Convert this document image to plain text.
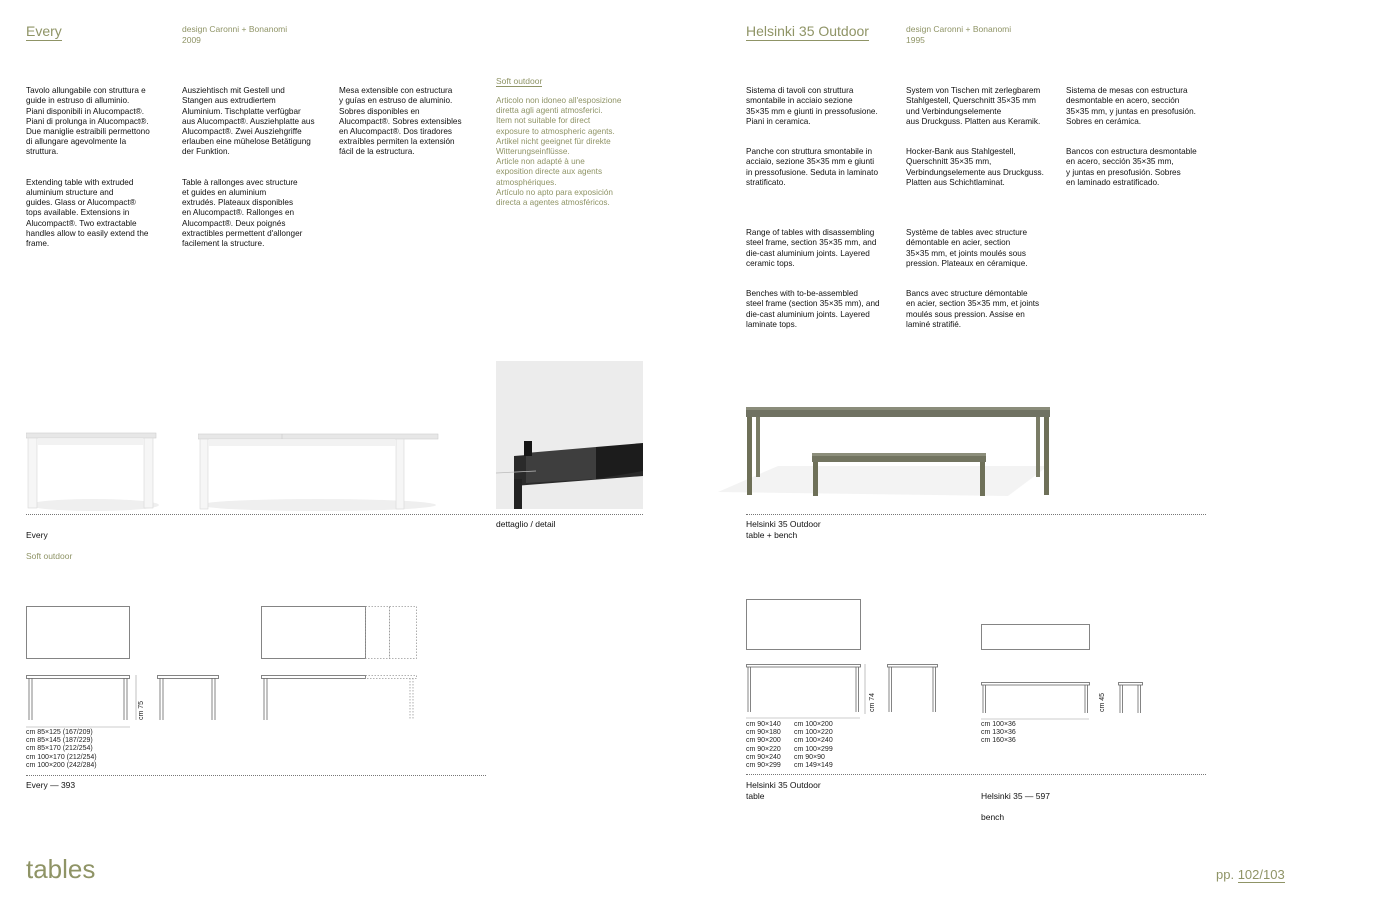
Every	design Caronni + Bonanomi
2009

Tavolo allungabile con struttura e
guide in estruso di alluminio.
Piani disponibili in Alucompact®.
Piani di prolunga in Alucompact®.
Due maniglie estraibili permettono
di allungare agevolmente la
struttura.

Extending table with extruded
aluminium structure and
guides. Glass or Alucompact®
tops available. Extensions in
Alucompact®. Two extractable
handles allow to easily extend the
frame.

Ausziehtisch mit Gestell und
Stangen aus extrudiertem
Aluminium. Tischplatte verfügbar
aus Alucompact®. Ausziehplatte aus
Alucompact®. Zwei Ausziehgriffe
erlauben eine mühelose Betätigung
der Funktion.

Table à rallonges avec structure
et guides en aluminium
extrudés. Plateaux disponibles
en Alucompact®. Rallonges en
Alucompact®. Deux poignés
extractibles permettent d'allonger
facilement la structure.

Mesa extensible con estructura
y guías en estruso de aluminio.
Sobres disponibles en
Alucompact®. Sobres extensibles
en Alucompact®. Dos tiradores
extraíbles permiten la extensión
fácil de la estructura.

Soft outdoor
Articolo non idoneo all'esposizione
diretta agli agenti atmosferici.
Item not suitable for direct
exposure to atmospheric agents.
Artikel nicht geeignet für direkte
Witterungseinflüsse.
Article non adapté à une
exposition directe aux agents
atmosphériques.
Artículo no apto para exposición
directa a agentes atmosféricos.

Every

Soft outdoor

dettaglio / detail
cm 75
cm 85×125 (167/209)
cm 85×145 (187/229)
cm 85×170 (212/254)
cm 100×170 (212/254)
cm 100×200 (242/284)
Every — 393
tables
Helsinki 35 Outdoor	design Caronni + Bonanomi
1995

Sistema di tavoli con struttura
smontabile in acciaio sezione
35×35 mm e giunti in pressofusione.
Piani in ceramica.

Panche con struttura smontabile in
acciaio, sezione 35×35 mm e giunti
in pressofusione. Seduta in laminato
stratificato.

Range of tables with disassembling
steel frame, section 35×35 mm, and
die-cast aluminium joints. Layered
ceramic tops.

Benches with to-be-assembled
steel frame (section 35×35 mm), and
die-cast aluminium joints. Layered
laminate tops.

System von Tischen mit zerlegbarem
Stahlgestell, Querschnitt 35×35 mm
und Verbindungselemente
aus Druckguss. Platten aus Keramik.

Hocker-Bank aus Stahlgestell,
Querschnitt 35×35 mm,
Verbindungselemente aus Druckguss.
Platten aus Schichtlaminat.

Système de tables avec structure
démontable en acier, section
35×35 mm, et joints moulés sous
pression. Plateaux en céramique.

Bancs avec structure démontable
en acier, section 35×35 mm, et joints
moulés sous pression. Assise en
laminé stratifié.

Sistema de mesas con estructura
desmontable en acero, sección
35×35 mm, y juntas en presofusión.
Sobres en cerámica.

Bancos con estructura desmontable
en acero, sección 35×35 mm,
y juntas en presofusión. Sobres
en laminado estratificado.

Helsinki 35 Outdoor
table + bench
cm 74	cm 45
cm 90×140
cm 90×180
cm 90×200
cm 90×220
cm 90×240
cm 90×299
cm 100×200
cm 100×220
cm 100×240
cm 100×299
cm 90×90
cm 149×149
cm 100×36
cm 130×36
cm 160×36
Helsinki 35 Outdoor
table	Helsinki 35 — 597

bench

pp. 102/103
